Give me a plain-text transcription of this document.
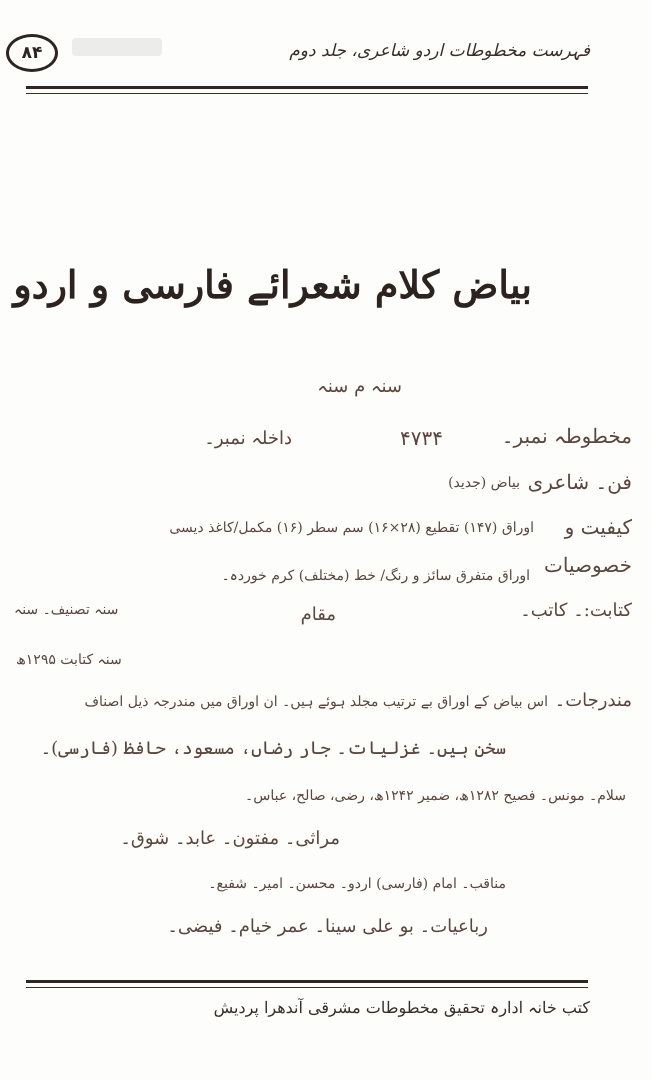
۸۴	فہرست مخطوطات اردو شاعری، جلد دوم
بیاض کلام شعرائے فارسی و اردو
سنہ م سنہ
مخطوطہ نمبر۔
۴۷۳۴
داخلہ نمبر۔
فن۔ شاعری
بیاض (جدید)
کیفیت و
اوراق (۱۴۷) تقطیع (۲۸×۱۶) سم سطر (۱۶) مکمل/کاغذ دیسی
خصوصیات
اوراق متفرق سائز و رنگ/ خط (مختلف) کرم خوردہ۔
کتابت:۔ کاتب۔
مقام
سنہ تصنیف۔ سنہ
سنہ کتابت ۱۲۹۵ھ
مندرجات۔
اس بیاض کے اوراق بے ترتیب مجلد ہوئے ہیں۔ ان اوراق میں مندرجہ ذیل اصناف
سخن ہیں۔ غزلیات۔ جار رضاں، مسعود، حافظ (فارسی)۔
سلام۔ مونس۔ فصیح ۱۲۸۲ھ، ضمیر ۱۲۴۲ھ، رضی، صالح، عباس۔
مراثی۔ مفتون۔ عابد۔ شوق۔
مناقب۔ امام (فارسی) اردو۔ محسن۔ امیر۔ شفیع۔
رباعیات۔ بو علی سینا۔ عمر خیام۔ فیضی۔
کتب خانہ ادارہ تحقیق مخطوطات مشرقی آندھرا پردیش
